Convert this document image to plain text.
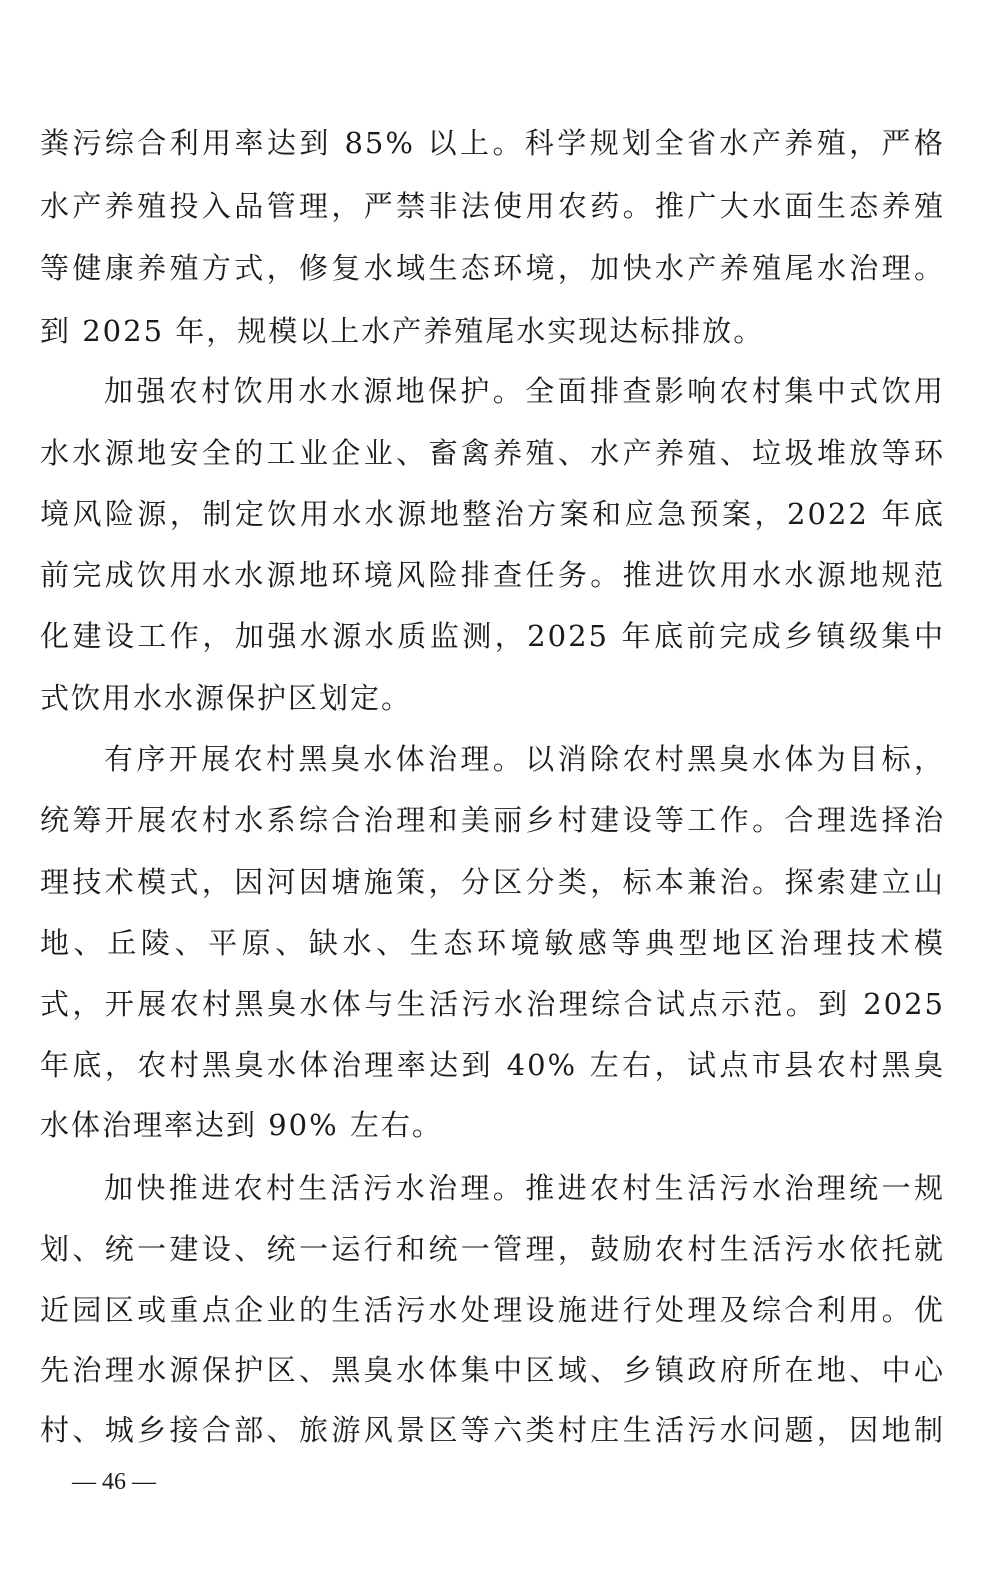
粪污综合利用率达到 85% 以上。科学规划全省水产养殖，严格
水产养殖投入品管理，严禁非法使用农药。推广大水面生态养殖
等健康养殖方式，修复水域生态环境，加快水产养殖尾水治理。
到 2025 年，规模以上水产养殖尾水实现达标排放。
加强农村饮用水水源地保护。全面排查影响农村集中式饮用
水水源地安全的工业企业、畜禽养殖、水产养殖、垃圾堆放等环
境风险源，制定饮用水水源地整治方案和应急预案，2022 年底
前完成饮用水水源地环境风险排查任务。推进饮用水水源地规范
化建设工作，加强水源水质监测，2025 年底前完成乡镇级集中
式饮用水水源保护区划定。
有序开展农村黑臭水体治理。以消除农村黑臭水体为目标，
统筹开展农村水系综合治理和美丽乡村建设等工作。合理选择治
理技术模式，因河因塘施策，分区分类，标本兼治。探索建立山
地、丘陵、平原、缺水、生态环境敏感等典型地区治理技术模
式，开展农村黑臭水体与生活污水治理综合试点示范。到 2025
年底，农村黑臭水体治理率达到 40% 左右，试点市县农村黑臭
水体治理率达到 90% 左右。
加快推进农村生活污水治理。推进农村生活污水治理统一规
划、统一建设、统一运行和统一管理，鼓励农村生活污水依托就
近园区或重点企业的生活污水处理设施进行处理及综合利用。优
先治理水源保护区、黑臭水体集中区域、乡镇政府所在地、中心
村、城乡接合部、旅游风景区等六类村庄生活污水问题，因地制
— 46 —
